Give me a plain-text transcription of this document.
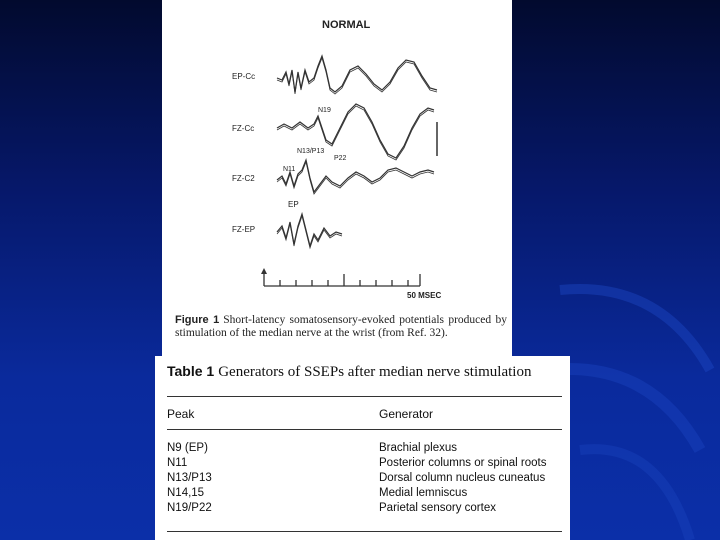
NORMAL
EP-Cc
FZ-Cc
FZ-C2
FZ-EP
N19
N13/P13
P22
N11
EP
50 MSEC
Figure 1 Short-latency somatosensory-evoked potentials produced by stimulation of the median nerve at the wrist (from Ref. 32).
Table 1 Generators of SSEPs after median nerve stimulation
Peak	Generator
N9 (EP)	Brachial plexus
N11	Posterior columns or spinal roots
N13/P13	Dorsal column nucleus cuneatus
N14,15	Medial lemniscus
N19/P22	Parietal sensory cortex
